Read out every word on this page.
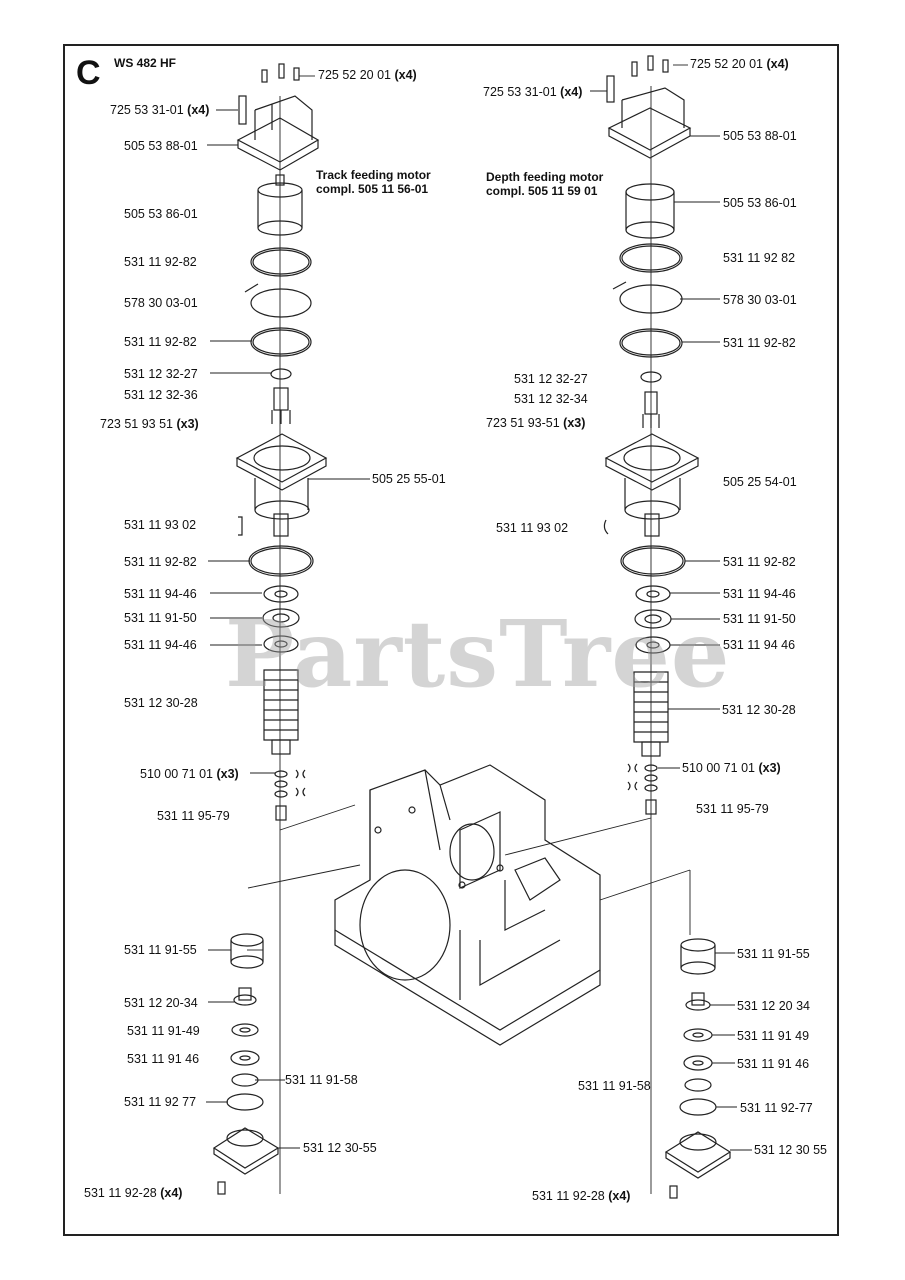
C WS 482 HF
PartsTree
Track feeding motor
compl. 505 11 56-01
Depth feeding motor
compl. 505 11 59 01
725 52 20 01 (x4)
725 53 31-01 (x4)
505 53 88-01
505 53 86-01
531 11 92-82
578 30 03-01
531 11 92-82
531 12 32-27
531 12 32-36
723 51 93 51 (x3)
505 25 55-01
531 11 93 02
531 11 92-82
531 11 94-46
531 11 91-50
531 11 94-46
531 12 30-28
510 00 71 01 (x3)
531 11 95-79
725 52 20 01 (x4)
725 53 31-01 (x4)
505 53 88-01
505 53 86-01
531 11 92 82
578 30 03-01
531 11 92-82
531 12 32-27
531 12 32-34
723 51 93-51 (x3)
505 25 54-01
531 11 93 02
531 11 92-82
531 11 94-46
531 11 91-50
531 11 94 46
531 12 30-28
510 00 71 01 (x3)
531 11 95-79
531 11 91-55
531 12 20-34
531 11 91-49
531 11 91 46
531 11 91-58
531 11 92 77
531 12 30-55
531 11 92-28 (x4)
531 11 91-55
531 12 20 34
531 11 91 49
531 11 91 46
531 11 91-58
531 11 92-77
531 12 30 55
531 11 92-28 (x4)
